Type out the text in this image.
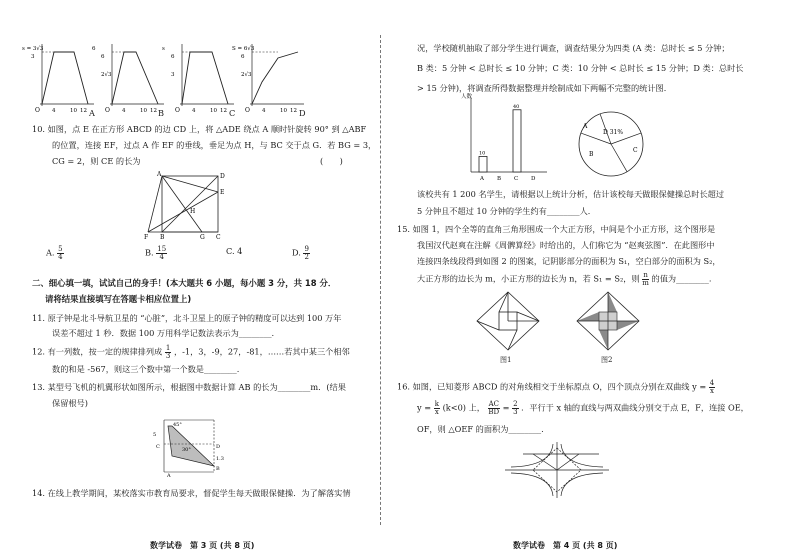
O 4	10 12
s = 3√3
3
O 4	10 12
6
6
2√3
O 4	10 12
s
6
3
O 4	10 12
S = 6√3
6
2√3
A	B	C	D
10. 如图，点 E 在正方形 ABCD 的边 CD 上，将 △ADE 绕点 A 顺时针旋转 90° 到 △ABF
的位置，连接 EF，过点 A 作 EF 的垂线，垂足为点 H，与 BC 交于点 G．若 BG = 3，
CG = 2，则 CE 的长为	(　　)
A	D
E
H
F B	G C
A. $\frac{5}{4}$	B. $\frac{15}{4}$	C. 4	D. $\frac{9}{2}$
二、细心填一填，试试自己的身手！(本大题共 6 小题，每小题 3 分，共 18 分．
请将结果直接填写在答题卡相应位置上)
11. 原子钟是北斗导航卫星的 “心脏”，北斗卫星上的原子钟的精度可以达到 100 万年
误差不超过 1 秒．数据 100 万用科学记数法表示为________.
12. 有一列数，按一定的规律排列成 $\frac{1}{3}$ ，-1，3，-9，27，-81，……若其中某三个相邻
数的和是 -567，则这三个数中第一个数是________.
13. 某型号飞机的机翼形状如图所示，根据图中数据计算 AB 的长为________m．(结果
保留根号)
45°
5
30°
C	D
1.3
B
A
14. 在线上教学期间，某校落实市教育局要求，督促学生每天做眼保健操．为了解落实情
数学试卷　第 3 页 (共 8 页)
况，学校随机抽取了部分学生进行调查，调查结果分为四类 (A 类：总时长 ≤ 5 分钟；
B 类：5 分钟 < 总时长 ≤ 10 分钟；C 类：10 分钟 < 总时长 ≤ 15 分钟；D 类：总时长
> 15 分钟)，将调查所得数据整理并绘制成如下两幅不完整的统计图．
人数
A
10
B C
40
D
A
B
D 31%
C
该校共有 1 200 名学生，请根据以上统计分析，估计该校每天做眼保健操总时长超过
5 分钟且不超过 10 分钟的学生约有________人．
15. 如图 1，四个全等的直角三角形围成一个大正方形，中间是个小正方形，这个图形是
我国汉代赵爽在注解《周髀算经》时给出的，人们称它为 “赵爽弦图”．在此图形中
连接四条线段得到如图 2 的图案，记阴影部分的面积为 S₁，空白部分的面积为 S₂，
大正方形的边长为 m，小正方形的边长为 n，若 S₁ = S₂，则 $\frac{n}{m}$ 的值为________.
图1	图2
16. 如图，已知菱形 ABCD 的对角线相交于坐标原点 O，四个顶点分别在双曲线 $y = \frac{4}{x}$
$y = \frac{k}{x} (k<0)$ 上， $\frac{AC}{BD} = \frac{2}{3}$ ．平行于 x 轴的直线与两双曲线分别交于点 E，F，连接 OE，
OF，则 △OEF 的面积为________.
数学试卷　第 4 页 (共 8 页)
